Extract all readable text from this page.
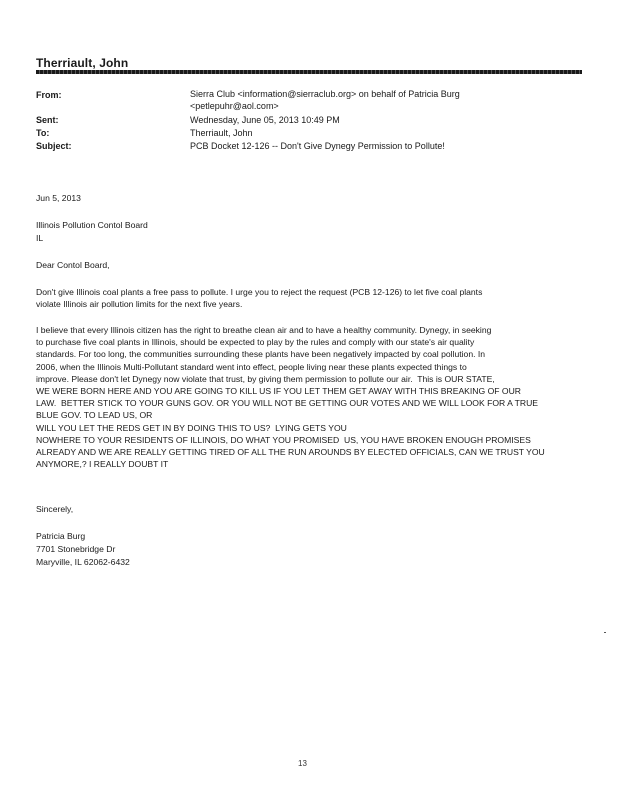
Therriault, John
From:	Sierra Club <information@sierraclub.org> on behalf of Patricia Burg
<petlepuhr@aol.com>
Sent:	Wednesday, June 05, 2013 10:49 PM
To:	Therriault, John
Subject:	PCB Docket 12-126 -- Don't Give Dynegy Permission to Pollute!
Jun 5, 2013
Illinois Pollution Contol Board
IL
Dear Contol Board,
Don't give Illinois coal plants a free pass to pollute. I urge you to reject the request (PCB 12-126) to let five coal plants
violate Illinois air pollution limits for the next five years.
I believe that every Illinois citizen has the right to breathe clean air and to have a healthy community. Dynegy, in seeking
to purchase five coal plants in Illinois, should be expected to play by the rules and comply with our state's air quality
standards. For too long, the communities surrounding these plants have been negatively impacted by coal pollution. In
2006, when the Illinois Multi-Pollutant standard went into effect, people living near these plants expected things to
improve. Please don't let Dynegy now violate that trust, by giving them permission to pollute our air.  This is OUR STATE,
WE WERE BORN HERE AND YOU ARE GOING TO KILL US IF YOU LET THEM GET AWAY WITH THIS BREAKING OF OUR
LAW.  BETTER STICK TO YOUR GUNS GOV. OR YOU WILL NOT BE GETTING OUR VOTES AND WE WILL LOOK FOR A TRUE
BLUE GOV. TO LEAD US, OR
WILL YOU LET THE REDS GET IN BY DOING THIS TO US?  LYING GETS YOU
NOWHERE TO YOUR RESIDENTS OF ILLINOIS, DO WHAT YOU PROMISED  US, YOU HAVE BROKEN ENOUGH PROMISES
ALREADY AND WE ARE REALLY GETTING TIRED OF ALL THE RUN AROUNDS BY ELECTED OFFICIALS, CAN WE TRUST YOU
ANYMORE,? I REALLY DOUBT IT
Sincerely,
Patricia Burg
7701 Stonebridge Dr
Maryville, IL 62062-6432
13
